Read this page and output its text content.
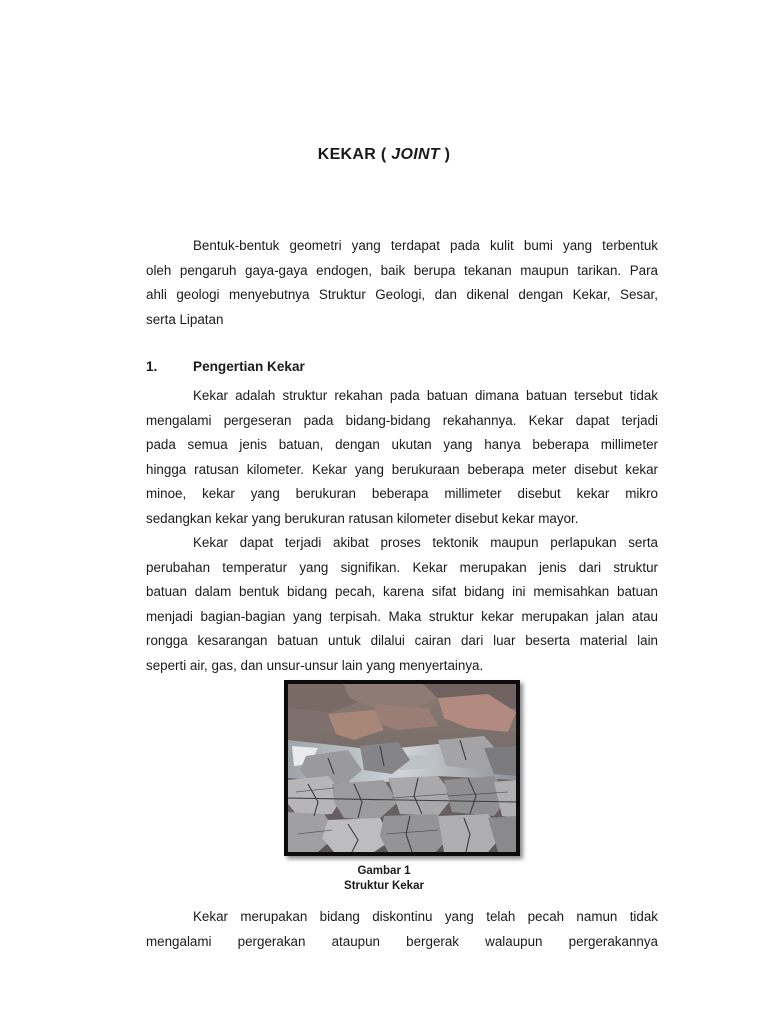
KEKAR ( JOINT )

Bentuk-bentuk geometri yang terdapat pada kulit bumi yang terbentuk
oleh pengaruh gaya-gaya endogen, baik berupa tekanan maupun tarikan. Para
ahli geologi menyebutnya Struktur Geologi, dan dikenal dengan Kekar, Sesar,
serta Lipatan

1.	Pengertian Kekar

Kekar adalah struktur rekahan pada batuan dimana batuan tersebut tidak
mengalami pergeseran pada bidang-bidang rekahannya. Kekar dapat terjadi
pada semua jenis batuan, dengan ukutan yang hanya beberapa millimeter
hingga ratusan kilometer. Kekar yang berukuraan beberapa meter disebut kekar
minoe, kekar yang berukuran beberapa millimeter disebut kekar mikro
sedangkan kekar yang berukuran ratusan kilometer disebut kekar mayor.

Kekar dapat terjadi akibat proses tektonik maupun perlapukan serta
perubahan temperatur yang signifikan. Kekar merupakan jenis dari struktur
batuan dalam bentuk bidang pecah, karena sifat bidang ini memisahkan batuan
menjadi bagian-bagian yang terpisah. Maka struktur kekar merupakan jalan atau
rongga kesarangan batuan untuk dilalui cairan dari luar beserta material lain
seperti air, gas, dan unsur-unsur lain yang menyertainya.

Gambar 1
Struktur Kekar

Kekar merupakan bidang diskontinu yang telah pecah namun tidak
mengalami pergerakan ataupun bergerak walaupun pergerakannya
